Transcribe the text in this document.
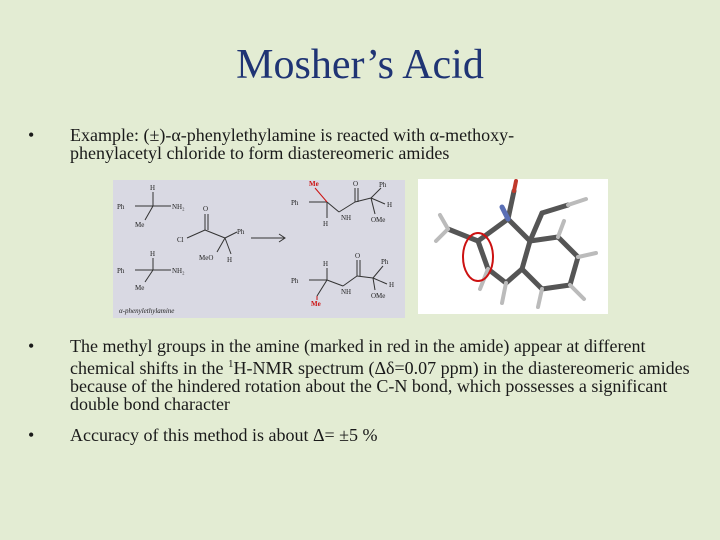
Mosher’s Acid
• Example: (±)-α-phenylethylamine is reacted with α-methoxy-
phenylacetyl chloride to form diastereomeric amides
Ph	NH₂
H
Me
Ph	NH₂
H
Me
Cl
O
Ph
MeO H
Ph
H
NH
O	Ph
OMe
H
Ph
H
NH
O
Ph
OMe
H
α-phenylethylamine
Me
Me
• The methyl groups in the amine (marked in red in the amide) appear at different chemical shifts in the $^1$H-NMR spectrum (Δδ=0.07 ppm) in the diastereomeric amides because of the hindered rotation about the C-N bond, which possesses a significant double bond character
• Accuracy of this method is about Δ= ±5 %
